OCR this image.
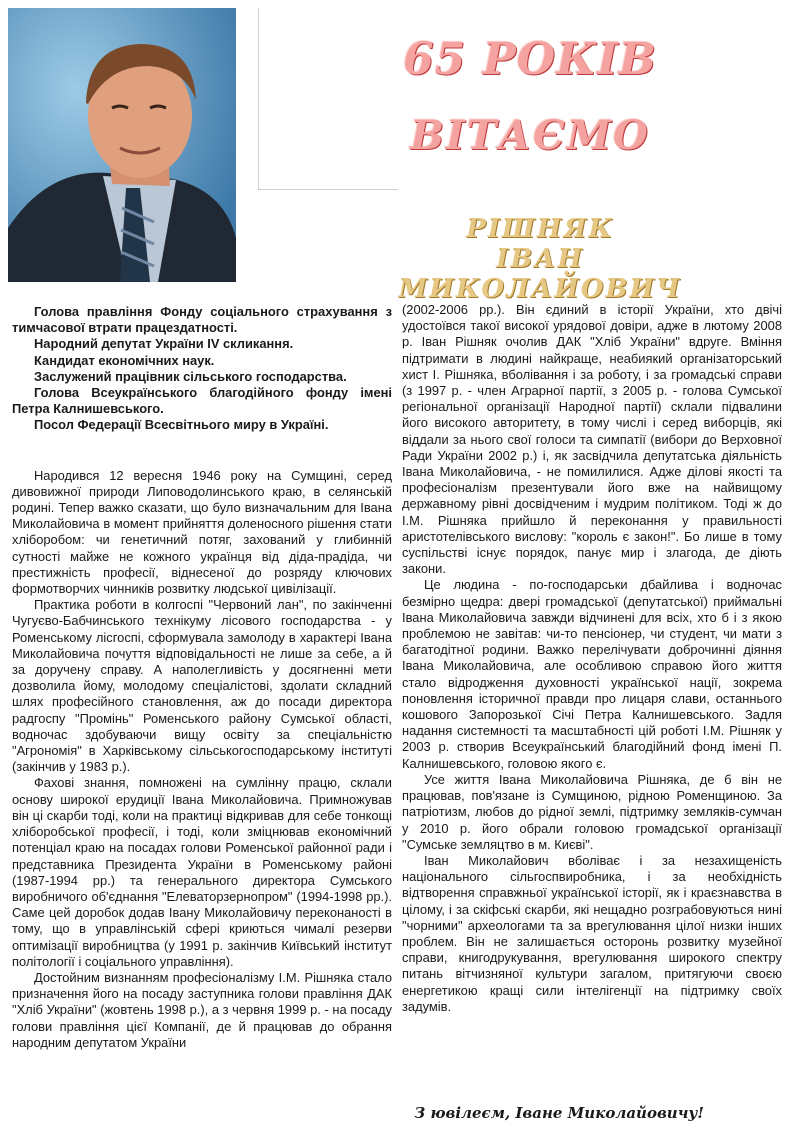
65 РОКІВ
ВІТАЄМО
РІШНЯК
ІВАН МИКОЛАЙОВИЧ
Голова правління Фонду соціального страхування з тимчасової втрати працездатності.
Народний депутат України IV скликання.
Кандидат економічних наук.
Заслужений працівник сільського господарства.
Голова Всеукраїнського благодійного фонду імені Петра Калнишевського.
Посол Федерації Всесвітнього миру в Україні.

Народився 12 вересня 1946 року на Сумщині, серед дивовижної природи Липоводолинського краю, в селянській родині. Тепер важко сказати, що було визначальним для Івана Миколайовича в момент прийняття доленосного рішення стати хліборобом: чи генетичний потяг, захований у глибинній сутності майже не кожного українця від діда-прадіда, чи престижність професії, віднесеної до розряду ключових формотворчих чинників розвитку людської цивілізації.

Практика роботи в колгоспі "Червоний лан", по закінченні Чугуєво-Бабчинського технікуму лісового господарства - у Роменському лісгоспі, сформувала замолоду в характері Івана Миколайовича почуття відповідальності не лише за себе, а й за доручену справу. А наполегливість у досягненні мети дозволила йому, молодому спеціалістові, здолати складний шлях професійного становлення, аж до посади директора радгоспу "Промінь" Роменського району Сумської області, водночас здобуваючи вищу освіту за спеціальністю "Агрономія" в Харківському сільськогосподарському інституті (закінчив у 1983 р.).

Фахові знання, помножені на сумлінну працю, склали основу широкої ерудиції Івана Миколайовича. Примножував він ці скарби тоді, коли на практиці відкривав для себе тонкощі хліборобської професії, і тоді, коли зміцнював економічний потенціал краю на посадах голови Роменської районної ради і представника Президента України в Роменському районі (1987-1994 рр.) та генерального директора Сумського виробничого об'єднання "Елеваторзернопром" (1994-1998 рр.). Саме цей доробок додав Івану Миколайовичу переконаності в тому, що в управлінській сфері криються чималі резерви оптимізації виробництва (у 1991 р. закінчив Київський інститут політології і соціального управління).

Достойним визнанням професіоналізму І.М. Рішняка стало призначення його на посаду заступника голови правління ДАК "Хліб України" (жовтень 1998 р.), а з червня 1999 р. - на посаду голови правління цієї Компанії, де й працював до обрання народним депутатом України

(2002-2006 рр.). Він єдиний в історії України, хто двічі удостоївся такої високої урядової довіри, адже в лютому 2008 р. Іван Рішняк очолив ДАК "Хліб України" вдруге. Вміння підтримати в людині найкраще, неабиякий організаторський хист І. Рішняка, вболівання і за роботу, і за громадські справи (з 1997 р. - член Аграрної партії, з 2005 р. - голова Сумської регіональної організації Народної партії) склали підвалини його високого авторитету, в тому числі і серед виборців, які віддали за нього свої голоси та симпатії (вибори до Верховної Ради України 2002 р.) і, як засвідчила депутатська діяльність Івана Миколайовича, - не помилилися. Адже ділові якості та професіоналізм презентували його вже на найвищому державному рівні досвідченим і мудрим політиком. Тоді ж до І.М. Рішняка прийшло й переконання у правильності аристотелівського вислову: "король є закон!". Бо лише в тому суспільстві існує порядок, панує мир і злагода, де діють закони.

Це людина - по-господарськи дбайлива і водночас безмірно щедра: двері громадської (депутатської) приймальні Івана Миколайовича завжди відчинені для всіх, хто б і з якою проблемою не завітав: чи-то пенсіонер, чи студент, чи мати з багатодітної родини. Важко перелічувати доброчинні діяння Івана Миколайовича, але особливою справою його життя стало відродження духовності української нації, зокрема поновлення історичної правди про лицаря слави, останнього кошового Запорозької Січі Петра Калнишевського. Задля надання системності та масштабності цій роботі І.М. Рішняк у 2003 р. створив Всеукраїнський благодійний фонд імені П. Калнишевського, головою якого є.

Усе життя Івана Миколайовича Рішняка, де б він не працював, пов'язане із Сумщиною, рідною Роменщиною. За патріотизм, любов до рідної землі, підтримку земляків-сумчан у 2010 р. його обрали головою громадської організації "Сумське земляцтво в м. Києві".

Іван Миколайович вболіває і за незахищеність національного сільгоспвиробника, і за необхідність відтворення справжньої української історії, як і краєзнавства в цілому, і за скіфські скарби, які нещадно розграбовуються нині "чорними" археологами та за врегулювання цілої низки інших проблем. Він не залишається осторонь розвитку музейної справи, книгодрукування, врегулювання широкого спектру питань вітчизняної культури загалом, притягуючи своєю енергетикою кращі сили інтелігенції на підтримку своїх задумів.

З ювілеєм, Іване Миколайовичу!
